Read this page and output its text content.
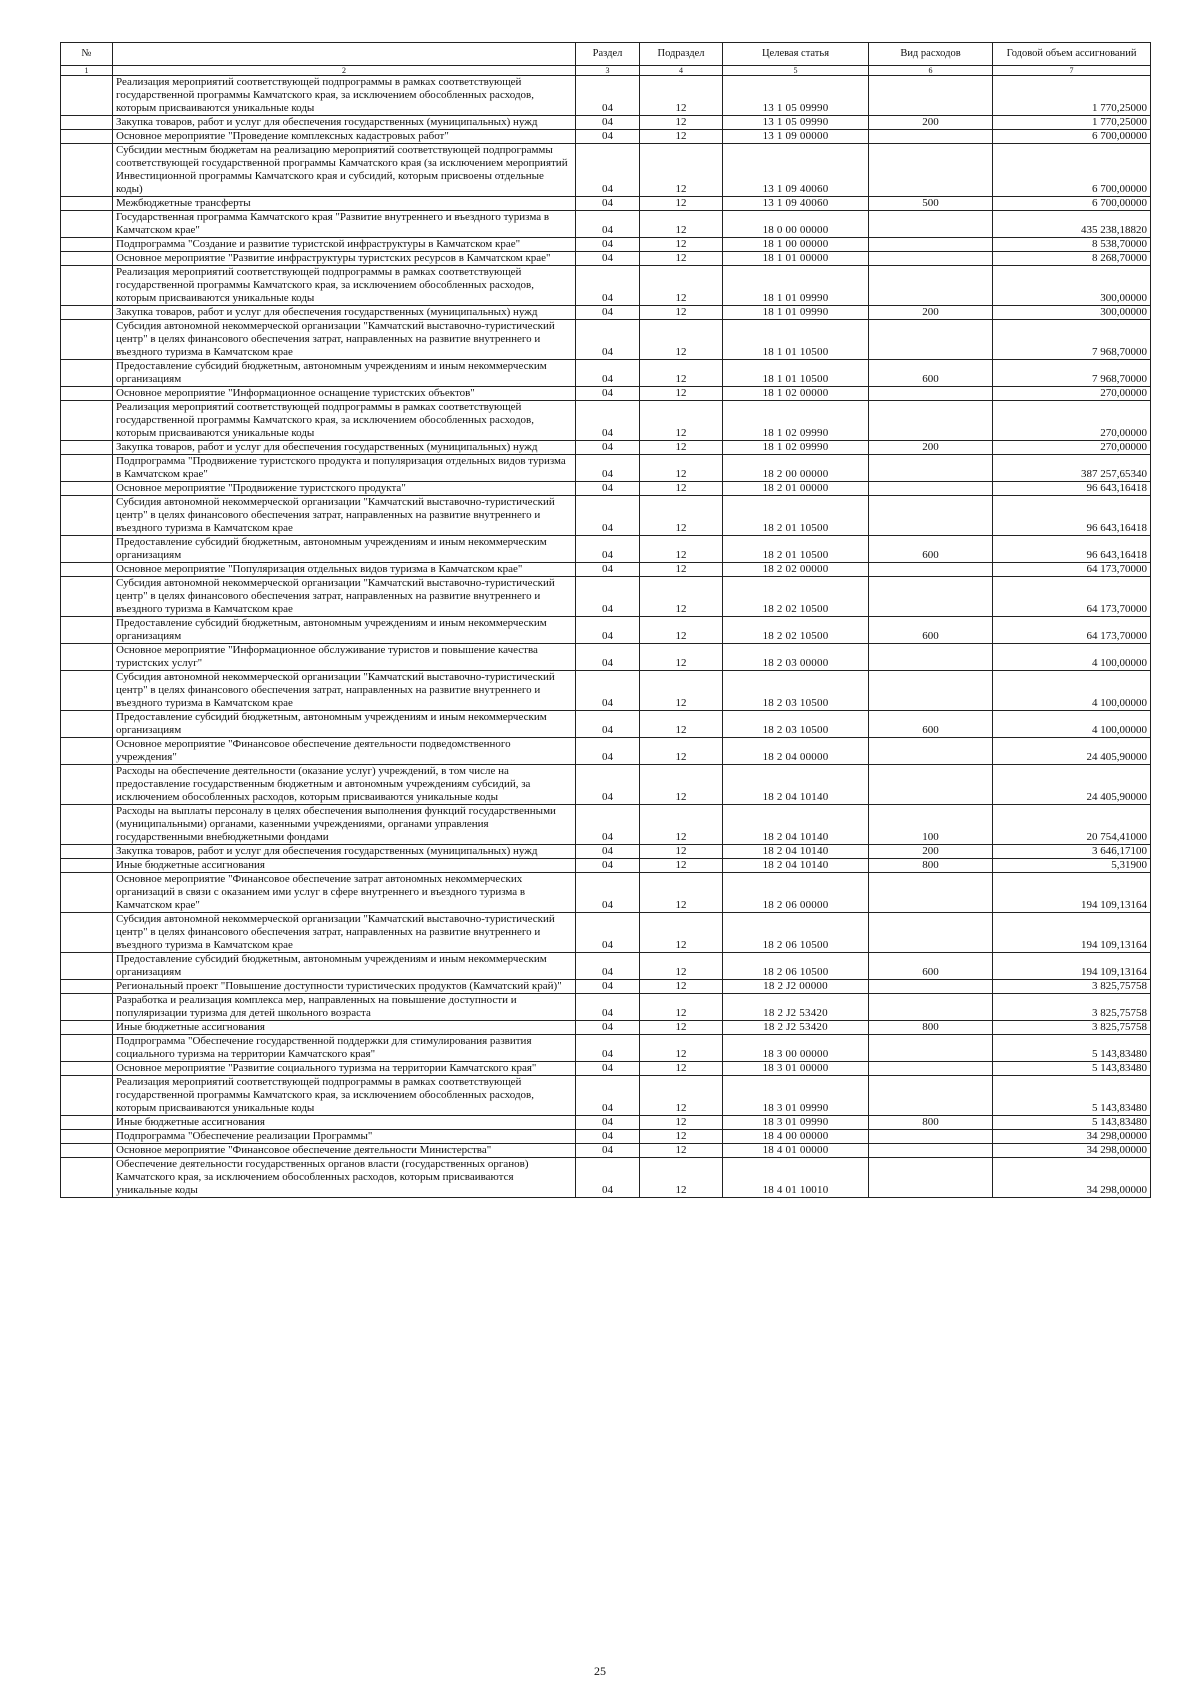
№		Раздел	Подраздел	Целевая статья	Вид расходов	Годовой объем ассигнований
1	2	3	4	5	6	7
	Реализация мероприятий соответствующей подпрограммы в рамках соответствующей государственной программы Камчатского края, за исключением обособленных расходов, которым присваиваются уникальные коды	04	12	13 1 05 09990		1 770,25000
	Закупка товаров, работ и услуг для обеспечения государственных (муниципальных) нужд	04	12	13 1 05 09990	200	1 770,25000
	Основное мероприятие "Проведение комплексных кадастровых работ"	04	12	13 1 09 00000		6 700,00000
	Субсидии местным бюджетам на реализацию мероприятий соответствующей подпрограммы соответствующей государственной программы Камчатского края (за исключением мероприятий Инвестиционной программы Камчатского края и субсидий, которым присвоены отдельные коды)	04	12	13 1 09 40060		6 700,00000
	Межбюджетные трансферты	04	12	13 1 09 40060	500	6 700,00000
	Государственная программа Камчатского края "Развитие внутреннего и въездного туризма в Камчатском крае"	04	12	18 0 00 00000		435 238,18820
	Подпрограмма "Создание и развитие туристской инфраструктуры в Камчатском крае"	04	12	18 1 00 00000		8 538,70000
	Основное мероприятие "Развитие инфраструктуры туристских ресурсов в Камчатском крае"	04	12	18 1 01 00000		8 268,70000
	Реализация мероприятий соответствующей подпрограммы в рамках соответствующей государственной программы Камчатского края, за исключением обособленных расходов, которым присваиваются уникальные коды	04	12	18 1 01 09990		300,00000
	Закупка товаров, работ и услуг для обеспечения государственных (муниципальных) нужд	04	12	18 1 01 09990	200	300,00000
	Субсидия автономной некоммерческой организации "Камчатский выставочно-туристический центр" в целях финансового обеспечения затрат, направленных на развитие внутреннего и въездного туризма в Камчатском крае	04	12	18 1 01 10500		7 968,70000
	Предоставление субсидий бюджетным, автономным учреждениям и иным некоммерческим организациям	04	12	18 1 01 10500	600	7 968,70000
	Основное мероприятие "Информационное оснащение туристских объектов"	04	12	18 1 02 00000		270,00000
	Реализация мероприятий соответствующей подпрограммы в рамках соответствующей государственной программы Камчатского края, за исключением обособленных расходов, которым присваиваются уникальные коды	04	12	18 1 02 09990		270,00000
	Закупка товаров, работ и услуг для обеспечения государственных (муниципальных) нужд	04	12	18 1 02 09990	200	270,00000
	Подпрограмма "Продвижение туристского продукта и популяризация отдельных видов туризма в Камчатском крае"	04	12	18 2 00 00000		387 257,65340
	Основное мероприятие "Продвижение туристского продукта"	04	12	18 2 01 00000		96 643,16418
	Субсидия автономной некоммерческой организации "Камчатский выставочно-туристический центр" в целях финансового обеспечения затрат, направленных на развитие внутреннего и въездного туризма в Камчатском крае	04	12	18 2 01 10500		96 643,16418
	Предоставление субсидий бюджетным, автономным учреждениям и иным некоммерческим организациям	04	12	18 2 01 10500	600	96 643,16418
	Основное мероприятие "Популяризация отдельных видов туризма в Камчатском крае"	04	12	18 2 02 00000		64 173,70000
	Субсидия автономной некоммерческой организации "Камчатский выставочно-туристический центр" в целях финансового обеспечения затрат, направленных на развитие внутреннего и въездного туризма в Камчатском крае	04	12	18 2 02 10500		64 173,70000
	Предоставление субсидий бюджетным, автономным учреждениям и иным некоммерческим организациям	04	12	18 2 02 10500	600	64 173,70000
	Основное мероприятие "Информационное обслуживание туристов и повышение качества туристских услуг"	04	12	18 2 03 00000		4 100,00000
	Субсидия автономной некоммерческой организации "Камчатский выставочно-туристический центр" в целях финансового обеспечения затрат, направленных на развитие внутреннего и въездного туризма в Камчатском крае	04	12	18 2 03 10500		4 100,00000
	Предоставление субсидий бюджетным, автономным учреждениям и иным некоммерческим организациям	04	12	18 2 03 10500	600	4 100,00000
	Основное мероприятие "Финансовое обеспечение деятельности подведомственного учреждения"	04	12	18 2 04 00000		24 405,90000
	Расходы на обеспечение деятельности (оказание услуг) учреждений, в том числе на предоставление государственным бюджетным и автономным учреждениям субсидий, за исключением обособленных расходов, которым присваиваются уникальные коды	04	12	18 2 04 10140		24 405,90000
	Расходы на выплаты персоналу в целях обеспечения выполнения функций государственными (муниципальными) органами, казенными учреждениями, органами управления государственными внебюджетными фондами	04	12	18 2 04 10140	100	20 754,41000
	Закупка товаров, работ и услуг для обеспечения государственных (муниципальных) нужд	04	12	18 2 04 10140	200	3 646,17100
	Иные бюджетные ассигнования	04	12	18 2 04 10140	800	5,31900
	Основное мероприятие "Финансовое обеспечение затрат автономных некоммерческих организаций в связи с оказанием ими услуг в сфере внутреннего и въездного туризма в Камчатском крае"	04	12	18 2 06 00000		194 109,13164
	Субсидия автономной некоммерческой организации "Камчатский выставочно-туристический центр" в целях финансового обеспечения затрат, направленных на развитие внутреннего и въездного туризма в Камчатском крае	04	12	18 2 06 10500		194 109,13164
	Предоставление субсидий бюджетным, автономным учреждениям и иным некоммерческим организациям	04	12	18 2 06 10500	600	194 109,13164
	Региональный проект "Повышение доступности туристических продуктов (Камчатский край)"	04	12	18 2 J2 00000		3 825,75758
	Разработка и реализация комплекса мер, направленных на повышение доступности и популяризации туризма для детей школьного возраста	04	12	18 2 J2 53420		3 825,75758
	Иные бюджетные ассигнования	04	12	18 2 J2 53420	800	3 825,75758
	Подпрограмма "Обеспечение государственной поддержки для стимулирования развития социального туризма на территории Камчатского края"	04	12	18 3 00 00000		5 143,83480
	Основное мероприятие "Развитие социального туризма на территории Камчатского края"	04	12	18 3 01 00000		5 143,83480
	Реализация мероприятий соответствующей подпрограммы в рамках соответствующей государственной программы Камчатского края, за исключением обособленных расходов, которым присваиваются уникальные коды	04	12	18 3 01 09990		5 143,83480
	Иные бюджетные ассигнования	04	12	18 3 01 09990	800	5 143,83480
	Подпрограмма "Обеспечение реализации Программы"	04	12	18 4 00 00000		34 298,00000
	Основное мероприятие "Финансовое обеспечение деятельности Министерства"	04	12	18 4 01 00000		34 298,00000
	Обеспечение деятельности государственных органов власти (государственных органов) Камчатского края, за исключением обособленных расходов, которым присваиваются уникальные коды	04	12	18 4 01 10010		34 298,00000
25
